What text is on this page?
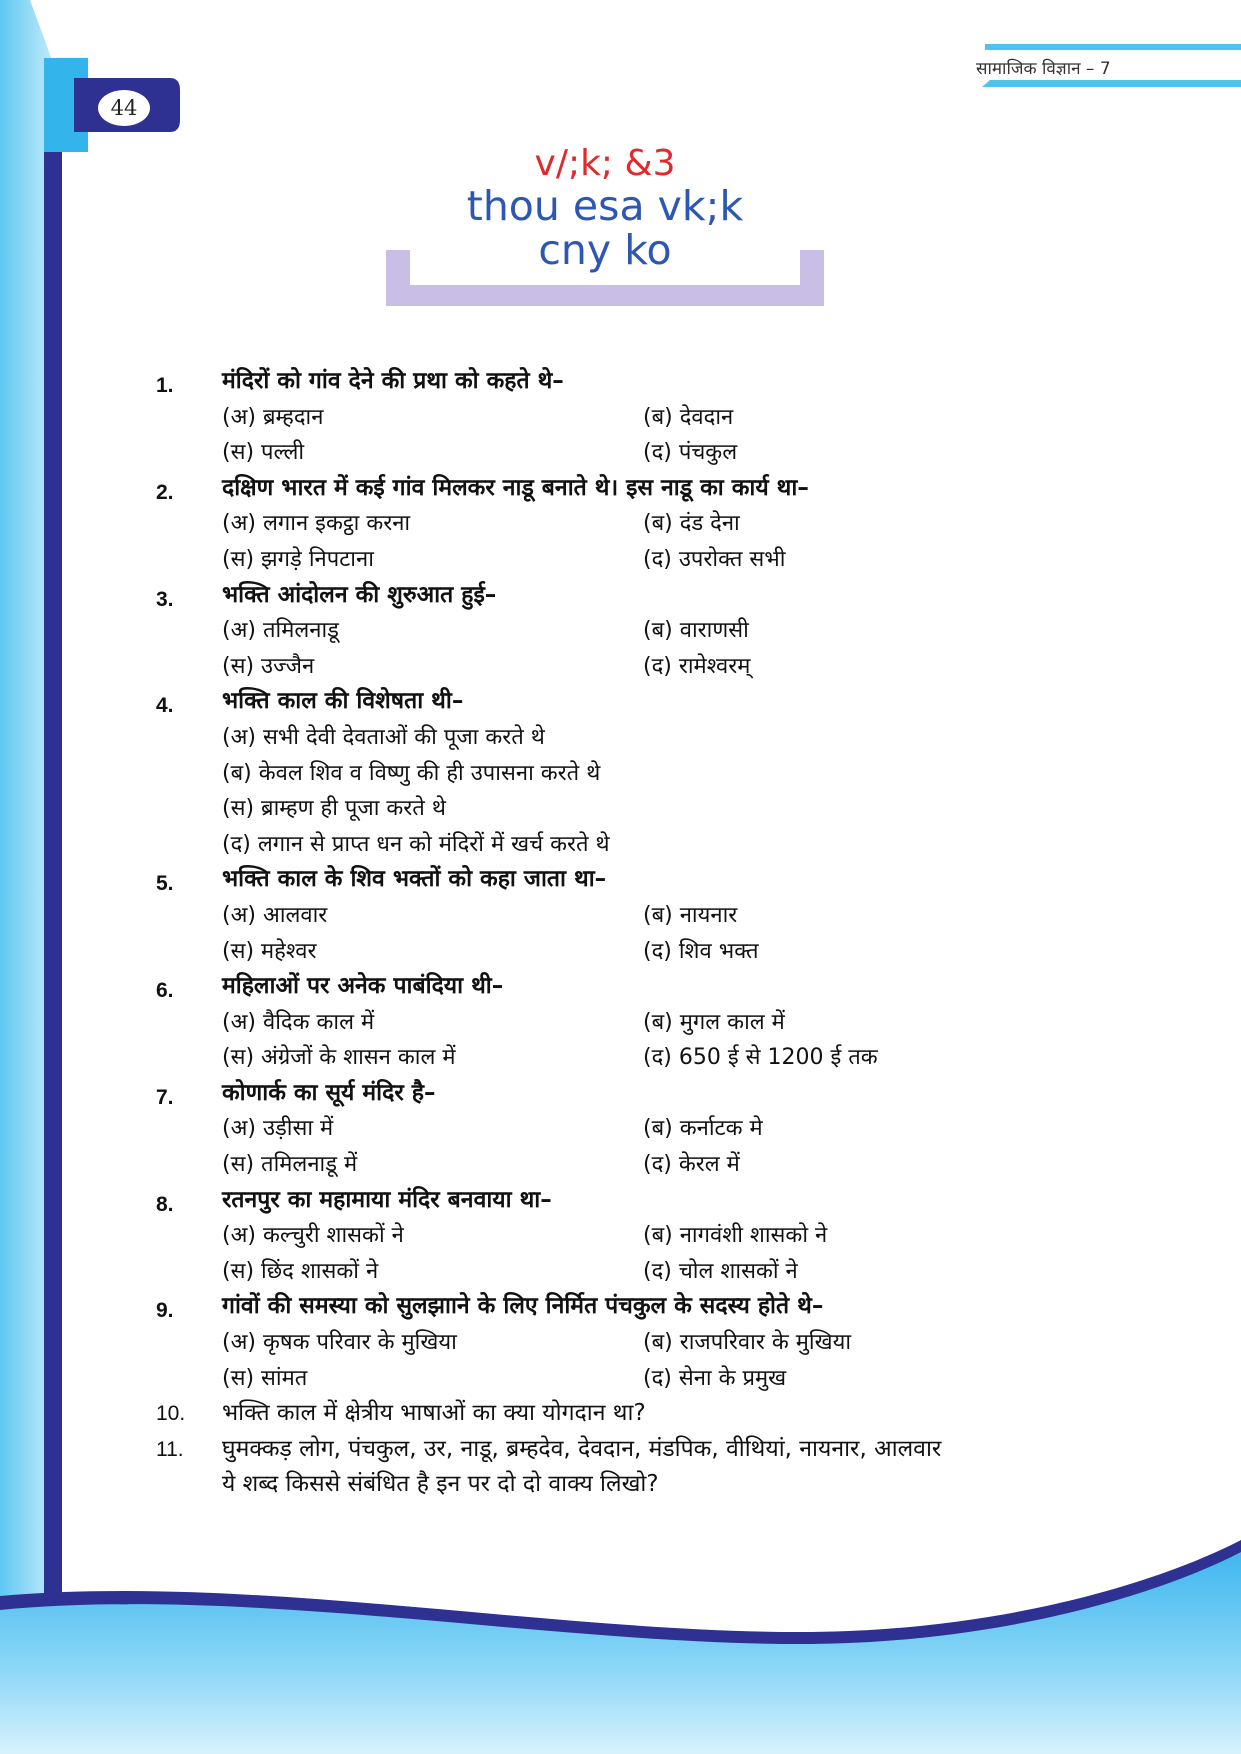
44
सामाजिक विज्ञान – 7
v/;k; &3
thou esa vk;k
cny ko
1. मंदिरों को गांव देने की प्रथा को कहते थे–
(अ) ब्रम्हदान	(ब) देवदान
(स) पल्ली	(द) पंचकुल
2. दक्षिण भारत में कई गांव मिलकर नाडू बनाते थे। इस नाडू का कार्य था–
(अ) लगान इकट्ठा करना	(ब) दंड देना
(स) झगड़े निपटाना	(द) उपरोक्त सभी
3. भक्ति आंदोलन की शुरुआत हुई–
(अ) तमिलनाडू	(ब) वाराणसी
(स) उज्जैन	(द) रामेश्वरम्
4. भक्ति काल की विशेषता थी–
(अ) सभी देवी देवताओं की पूजा करते थे
(ब) केवल शिव व विष्णु की ही उपासना करते थे
(स) ब्राम्हण ही पूजा करते थे
(द) लगान से प्राप्त धन को मंदिरों में खर्च करते थे
5. भक्ति काल के शिव भक्तों को कहा जाता था–
(अ) आलवार	(ब) नायनार
(स) महेश्वर	(द) शिव भक्त
6. महिलाओं पर अनेक पाबंदिया थी–
(अ) वैदिक काल में	(ब) मुगल काल में
(स) अंग्रेजों के शासन काल में	(द) 650 ई से 1200 ई तक
7. कोणार्क का सूर्य मंदिर है–
(अ) उड़ीसा में	(ब) कर्नाटक मे
(स) तमिलनाडू में	(द) केरल में
8. रतनपुर का महामाया मंदिर बनवाया था–
(अ) कल्चुरी शासकों ने	(ब) नागवंशी शासको ने
(स) छिंद शासकों ने	(द) चोल शासकों ने
9. गांवों की समस्या को सुलझााने के लिए निर्मित पंचकुल के सदस्य होते थे–
(अ) कृषक परिवार के मुखिया	(ब) राजपरिवार के मुखिया
(स) सांमत	(द) सेना के प्रमुख
10. भक्ति काल में क्षेत्रीय भाषाओं का क्या योगदान था?
11. घुमक्कड़ लोग, पंचकुल, उर, नाडू, ब्रम्हदेव, देवदान, मंडपिक, वीथियां, नायनार, आलवार
ये शब्द किससे संबंधित है इन पर दो दो वाक्य लिखो?
